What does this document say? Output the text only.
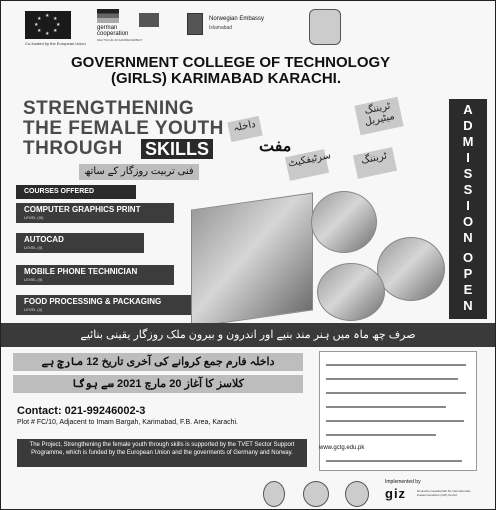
★ ★
★
★
★
★
★
★
Co-funded by the European Union
german
cooperation
DEUTSCHE ZUSAMMENARBEIT
Norwegian Embassy
Islamabad
GOVERNMENT COLLEGE OF TECHNOLOGY
(GIRLS) KARIMABAD KARACHI.
STRENGTHENING
THE FEMALE YOUTH
THROUGH	SKILLS
فنی تربیت روزگار کے ساتھ
داخلہ
ٹریننگ میٹیریل
مفت
سرٹیفکیٹ	ٹریننگ
A
D
M
I
S
S
I
O
N
O
P
E
N
COURSES OFFERED
COMPUTER GRAPHICS PRINT
LEVEL (III)
AUTOCAD
LEVEL (II)
MOBILE PHONE TECHNICIAN
LEVEL (II)
FOOD PROCESSING & PACKAGING
LEVEL (II)
صرف چھ ماہ میں ہنر مند بنیے اور اندرون و بیرون ملک روزگار یقینی بنائیے
داخلہ فارم جمع کروانے کی آخری تاریخ 12 مارچ ہے
کلاسز کا آغاز 20 مارچ 2021 سے ہوگا
Contact: 021-99246002-3
Plot # FC/10, Adjacent to Imam Bargah, Karimabad, F.B. Area, Karachi.
The Project, Strengthening the female youth through skills is supported by the TVET Sector Support Programme, which is funded by the European Union and the goverments of Germany and Norway.
www.gctg.edu.pk
Implemented by
giz	Deutsche Gesellschaft für Internationale Zusammenarbeit (GIZ) GmbH
